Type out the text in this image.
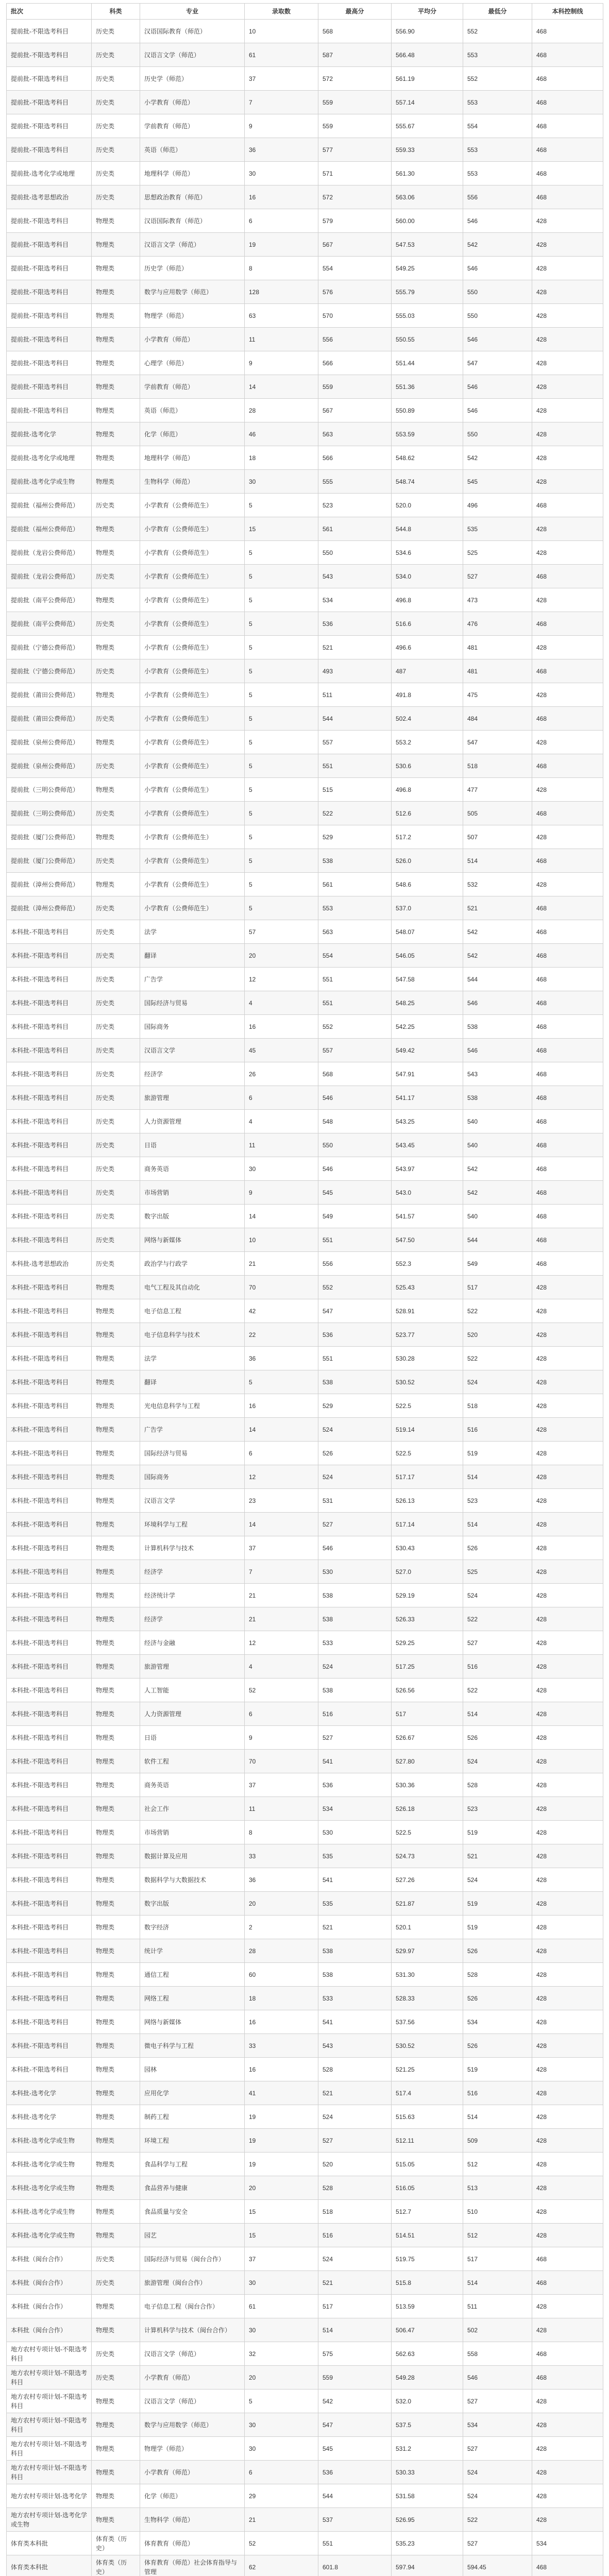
批次	科类	专业	录取数	最高分	平均分	最低分	本科控制线
提前批-不限选考科目	历史类	汉语国际教育（师范）	10	568	556.90	552	468
提前批-不限选考科目	历史类	汉语言文学（师范）	61	587	566.48	553	468
提前批-不限选考科目	历史类	历史学（师范）	37	572	561.19	552	468
提前批-不限选考科目	历史类	小学教育（师范）	7	559	557.14	553	468
提前批-不限选考科目	历史类	学前教育（师范）	9	559	555.67	554	468
提前批-不限选考科目	历史类	英语（师范）	36	577	559.33	553	468
提前批-选考化学或地理	历史类	地理科学（师范）	30	571	561.30	553	468
提前批-选考思想政治	历史类	思想政治教育（师范）	16	572	563.06	556	468
提前批-不限选考科目	物理类	汉语国际教育（师范）	6	579	560.00	546	428
提前批-不限选考科目	物理类	汉语言文学（师范）	19	567	547.53	542	428
提前批-不限选考科目	物理类	历史学（师范）	8	554	549.25	546	428
提前批-不限选考科目	物理类	数学与应用数学（师范）	128	576	555.79	550	428
提前批-不限选考科目	物理类	物理学（师范）	63	570	555.03	550	428
提前批-不限选考科目	物理类	小学教育（师范）	11	556	550.55	546	428
提前批-不限选考科目	物理类	心理学（师范）	9	566	551.44	547	428
提前批-不限选考科目	物理类	学前教育（师范）	14	559	551.36	546	428
提前批-不限选考科目	物理类	英语（师范）	28	567	550.89	546	428
提前批-选考化学	物理类	化学（师范）	46	563	553.59	550	428
提前批-选考化学或地理	物理类	地理科学（师范）	18	566	548.62	542	428
提前批-选考化学或生物	物理类	生物科学（师范）	30	555	548.74	545	428
提前批（福州公费师范）	历史类	小学教育（公费师范生）	5	523	520.0	496	468
提前批（福州公费师范）	物理类	小学教育（公费师范生）	15	561	544.8	535	428
提前批（龙岩公费师范）	物理类	小学教育（公费师范生）	5	550	534.6	525	428
提前批（龙岩公费师范）	历史类	小学教育（公费师范生）	5	543	534.0	527	468
提前批（南平公费师范）	物理类	小学教育（公费师范生）	5	534	496.8	473	428
提前批（南平公费师范）	历史类	小学教育（公费师范生）	5	536	516.6	476	468
提前批（宁德公费师范）	物理类	小学教育（公费师范生）	5	521	496.6	481	428
提前批（宁德公费师范）	历史类	小学教育（公费师范生）	5	493	487	481	468
提前批（莆田公费师范）	物理类	小学教育（公费师范生）	5	511	491.8	475	428
提前批（莆田公费师范）	历史类	小学教育（公费师范生）	5	544	502.4	484	468
提前批（泉州公费师范）	物理类	小学教育（公费师范生）	5	557	553.2	547	428
提前批（泉州公费师范）	历史类	小学教育（公费师范生）	5	551	530.6	518	468
提前批（三明公费师范）	物理类	小学教育（公费师范生）	5	515	496.8	477	428
提前批（三明公费师范）	历史类	小学教育（公费师范生）	5	522	512.6	505	468
提前批（厦门公费师范）	物理类	小学教育（公费师范生）	5	529	517.2	507	428
提前批（厦门公费师范）	历史类	小学教育（公费师范生）	5	538	526.0	514	468
提前批（漳州公费师范）	物理类	小学教育（公费师范生）	5	561	548.6	532	428
提前批（漳州公费师范）	历史类	小学教育（公费师范生）	5	553	537.0	521	468
本科批-不限选考科目	历史类	法学	57	563	548.07	542	468
本科批-不限选考科目	历史类	翻译	20	554	546.05	542	468
本科批-不限选考科目	历史类	广告学	12	551	547.58	544	468
本科批-不限选考科目	历史类	国际经济与贸易	4	551	548.25	546	468
本科批-不限选考科目	历史类	国际商务	16	552	542.25	538	468
本科批-不限选考科目	历史类	汉语言文学	45	557	549.42	546	468
本科批-不限选考科目	历史类	经济学	26	568	547.91	543	468
本科批-不限选考科目	历史类	旅游管理	6	546	541.17	538	468
本科批-不限选考科目	历史类	人力资源管理	4	548	543.25	540	468
本科批-不限选考科目	历史类	日语	11	550	543.45	540	468
本科批-不限选考科目	历史类	商务英语	30	546	543.97	542	468
本科批-不限选考科目	历史类	市场营销	9	545	543.0	542	468
本科批-不限选考科目	历史类	数字出版	14	549	541.57	540	468
本科批-不限选考科目	历史类	网络与新媒体	10	551	547.50	544	468
本科批-选考思想政治	历史类	政治学与行政学	21	556	552.3	549	468
本科批-不限选考科目	物理类	电气工程及其自动化	70	552	525.43	517	428
本科批-不限选考科目	物理类	电子信息工程	42	547	528.91	522	428
本科批-不限选考科目	物理类	电子信息科学与技术	22	536	523.77	520	428
本科批-不限选考科目	物理类	法学	36	551	530.28	522	428
本科批-不限选考科目	物理类	翻译	5	538	530.52	524	428
本科批-不限选考科目	物理类	光电信息科学与工程	16	529	522.5	518	428
本科批-不限选考科目	物理类	广告学	14	524	519.14	516	428
本科批-不限选考科目	物理类	国际经济与贸易	6	526	522.5	519	428
本科批-不限选考科目	物理类	国际商务	12	524	517.17	514	428
本科批-不限选考科目	物理类	汉语言文学	23	531	526.13	523	428
本科批-不限选考科目	物理类	环境科学与工程	14	527	517.14	514	428
本科批-不限选考科目	物理类	计算机科学与技术	37	546	530.43	526	428
本科批-不限选考科目	物理类	经济学	7	530	527.0	525	428
本科批-不限选考科目	物理类	经济统计学	21	538	529.19	524	428
本科批-不限选考科目	物理类	经济学	21	538	526.33	522	428
本科批-不限选考科目	物理类	经济与金融	12	533	529.25	527	428
本科批-不限选考科目	物理类	旅游管理	4	524	517.25	516	428
本科批-不限选考科目	物理类	人工智能	52	538	526.56	522	428
本科批-不限选考科目	物理类	人力资源管理	6	516	517	514	428
本科批-不限选考科目	物理类	日语	9	527	526.67	526	428
本科批-不限选考科目	物理类	软件工程	70	541	527.80	524	428
本科批-不限选考科目	物理类	商务英语	37	536	530.36	528	428
本科批-不限选考科目	物理类	社会工作	11	534	526.18	523	428
本科批-不限选考科目	物理类	市场营销	8	530	522.5	519	428
本科批-不限选考科目	物理类	数据计算及应用	33	535	524.73	521	428
本科批-不限选考科目	物理类	数据科学与大数据技术	36	541	527.26	524	428
本科批-不限选考科目	物理类	数字出版	20	535	521.87	519	428
本科批-不限选考科目	物理类	数字经济	2	521	520.1	519	428
本科批-不限选考科目	物理类	统计学	28	538	529.97	526	428
本科批-不限选考科目	物理类	通信工程	60	538	531.30	528	428
本科批-不限选考科目	物理类	网络工程	18	533	528.33	526	428
本科批-不限选考科目	物理类	网络与新媒体	16	541	537.56	534	428
本科批-不限选考科目	物理类	微电子科学与工程	33	543	530.52	526	428
本科批-不限选考科目	物理类	园林	16	528	521.25	519	428
本科批-选考化学	物理类	应用化学	41	521	517.4	516	428
本科批-选考化学	物理类	制药工程	19	524	515.63	514	428
本科批-选考化学或生物	物理类	环境工程	19	527	512.11	509	428
本科批-选考化学或生物	物理类	食品科学与工程	19	520	515.05	512	428
本科批-选考化学或生物	物理类	食品营养与健康	20	528	516.05	513	428
本科批-选考化学或生物	物理类	食品质量与安全	15	518	512.7	510	428
本科批-选考化学或生物	物理类	园艺	15	516	514.51	512	428
本科批（闽台合作）	历史类	国际经济与贸易（闽台合作）	37	524	519.75	517	468
本科批（闽台合作）	历史类	旅游管理（闽台合作）	30	521	515.8	514	468
本科批（闽台合作）	物理类	电子信息工程（闽台合作）	61	517	513.59	511	428
本科批（闽台合作）	物理类	计算机科学与技术（闽台合作）	30	514	506.47	502	428
地方农村专项计划-不限选考科目	历史类	汉语言文学（师范）	32	575	562.63	558	468
地方农村专项计划-不限选考科目	历史类	小学教育（师范）	20	559	549.28	546	468
地方农村专项计划-不限选考科目	物理类	汉语言文学（师范）	5	542	532.0	527	428
地方农村专项计划-不限选考科目	物理类	数学与应用数学（师范）	30	547	537.5	534	428
地方农村专项计划-不限选考科目	物理类	物理学（师范）	30	545	531.2	527	428
地方农村专项计划-不限选考科目	物理类	小学教育（师范）	6	536	530.33	524	428
地方农村专项计划-选考化学	物理类	化学（师范）	29	544	531.58	524	428
地方农村专项计划-选考化学或生物	物理类	生物科学（师范）	21	537	526.95	522	428
体育类本科批	体育类（历史）	体育教育（师范）	52	551	535.23	527	534
体育类本科批	体育类（历史）	体育教育（师范）社会体育指导与管理	62	601.8	597.94	594.45	468
